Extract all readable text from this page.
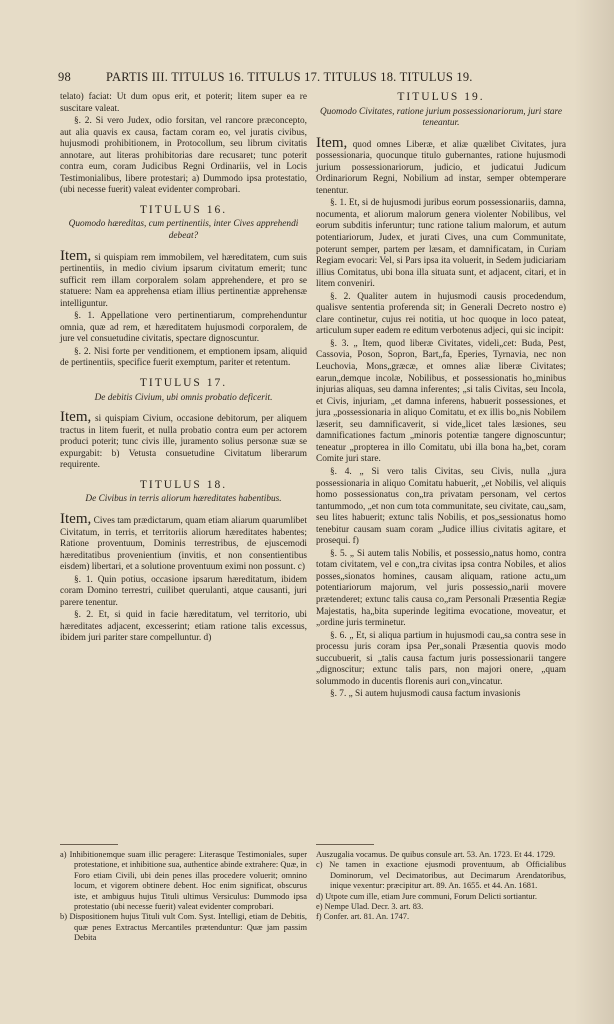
98	PARTIS III. TITULUS 16. TITULUS 17. TITULUS 18. TITULUS 19.

telato) faciat: Ut dum opus erit, et poterit; litem super ea re suscitare valeat.

§. 2. Si vero Judex, odio forsitan, vel rancore præconcepto, aut alia quavis ex causa, factam coram eo, vel juratis civibus, hujusmodi prohibitionem, in Protocollum, seu librum civitatis annotare, aut literas prohibitorias dare recusaret; tunc poterit contra eum, coram Judicibus Regni Ordinariis, vel in Locis Testimonialibus, libere protestari; a) Dummodo ipsa protestatio, (ubi necesse fuerit) valeat evidenter comprobari.

TITULUS 16.
Quomodo hæreditas, cum pertinentiis, inter Cives apprehendi debeat?

Item, si quispiam rem immobilem, vel hæreditatem, cum suis pertinentiis, in medio civium ipsarum civitatum emerit; tunc sufficit rem illam corporalem solam apprehendere, et pro se statuere: Nam ea apprehensa etiam illius pertinentiæ apprehensæ intelliguntur.

§. 1. Appellatione vero pertinentiarum, comprehenduntur omnia, quæ ad rem, et hæreditatem hujusmodi corporalem, de jure vel consuetudine civitatis, spectare dignoscuntur.

§. 2. Nisi forte per venditionem, et emptionem ipsam, aliquid de pertinentiis, specifice fuerit exemptum, pariter et retentum.

TITULUS 17.
De debitis Civium, ubi omnis probatio deficerit.

Item, si quispiam Civium, occasione debitorum, per aliquem tractus in litem fuerit, et nulla probatio contra eum per actorem produci poterit; tunc civis ille, juramento solius personæ suæ se expurgabit: b) Vetusta consuetudine Civitatum liberarum requirente.

TITULUS 18.
De Civibus in terris aliorum hæreditates habentibus.

Item, Cives tam prædictarum, quam etiam aliarum quarumlibet Civitatum, in terris, et territoriis aliorum hæreditates habentes; Ratione proventuum, Dominis terrestribus, de ejuscemodi hæreditatibus provenientium (invitis, et non consentientibus eisdem) libertari, et a solutione proventuum eximi non possunt. c)

§. 1. Quin potius, occasione ipsarum hæreditatum, ibidem coram Domino terrestri, cuilibet querulanti, atque causanti, juri parere tenentur.

§. 2. Et, si quid in facie hæreditatum, vel territorio, ubi hæreditates adjacent, excesserint; etiam ratione talis excessus, ibidem juri pariter stare compelluntur. d)

TITULUS 19.
Quomodo Civitates, ratione jurium possessionariorum, juri stare teneantur.

Item, quod omnes Liberæ, et aliæ quælibet Civitates, jura possessionaria, quocunque titulo gubernantes, ratione hujusmodi jurium possessionariorum, judicio, et judicatui Judicum Ordinariorum Regni, Nobilium ad instar, semper obtemperare tenentur.

§. 1. Et, si de hujusmodi juribus eorum possessionariis, damna, nocumenta, et aliorum malorum genera violenter Nobilibus, vel eorum subditis inferuntur; tunc ratione talium malorum, et autum potentiariorum, Judex, et jurati Cives, una cum Communitate, poterunt semper, partem per læsam, et damnificatam, in Curiam Regiam evocari: Vel, si Pars ipsa ita voluerit, in Sedem judiciariam illius Comitatus, ubi bona illa situata sunt, et adjacent, citari, et in litem conveniri.

§. 2. Qualiter autem in hujusmodi causis procedendum, qualisve sententia proferenda sit; in Generali Decreto nostro e) clare continetur, cujus rei notitia, ut hoc quoque in loco pateat, articulum super eadem re editum verbotenus adjeci, qui sic incipit:

§. 3. „ Item, quod liberæ Civitates, videli„cet: Buda, Pest, Cassovia, Poson, Sopron, Bart„fa, Eperies, Tyrnavia, nec non Leuchovia, Mons„græcæ, et omnes aliæ liberæ Civitates; earun„demque incolæ, Nobilibus, et possessionatis ho„minibus injurias aliquas, seu damna inferentes; „si talis Civitas, seu Incola, et Civis, injuriam, „et damna inferens, habuerit possessiones, et jura „possessionaria in aliquo Comitatu, et ex illis bo„nis Nobilem læserit, seu damnificaverit, si vide„licet tales læsiones, seu damnificationes factum „minoris potentiæ tangere dignoscuntur; teneatur „propterea in illo Comitatu, ubi illa bona ha„bet, coram Comite juri stare.

§. 4. „ Si vero talis Civitas, seu Civis, nulla „jura possessionaria in aliquo Comitatu habuerit, „et Nobilis, vel aliquis homo possessionatus con„tra privatam personam, vel certos tantummodo, „et non cum tota communitate, seu civitate, cau„sam, seu lites habuerit; extunc talis Nobilis, et pos„sessionatus homo tenebitur causam suam coram „Judice illius civitatis agitare, et prosequi. f)

§. 5. „ Si autem talis Nobilis, et possessio„natus homo, contra totam civitatem, vel e con„tra civitas ipsa contra Nobiles, et alios posses„sionatos homines, causam aliquam, ratione actu„um potentiariorum majorum, vel juris possessio„narii movere prætenderet; extunc talis causa co„ram Personali Præsentia Regiæ Majestatis, ha„bita superinde legitima evocatione, moveatur, et „ordine juris terminetur.

§. 6. „ Et, si aliqua partium in hujusmodi cau„sa contra sese in processu juris coram ipsa Per„sonali Præsentia quovis modo succubuerit, si „talis causa factum juris possessionarii tangere „dignoscitur; extunc talis pars, non majori onere, „quam solummodo in ducentis florenis auri con„vincatur.

§. 7. „ Si autem hujusmodi causa factum invasionis

a) Inhibitionemque suam illic peragere: Literasque Testimoniales, super protestatione, et inhibitione sua, authentice abinde extrahere: Quæ, in Foro etiam Civili, ubi dein penes illas procedere voluerit; omnino locum, et vigorem obtinere debent. Hoc enim significat, obscurus iste, et ambiguus hujus Tituli ultimus Versiculus: Dummodo ipsa protestatio (ubi necesse fuerit) valeat evidenter comprobari.

b) Dispositionem hujus Tituli vult Com. Syst. Intelligi, etiam de Debitis, quæ penes Extractus Mercantiles prætenduntur: Quæ jam passim Debita

Auszugalia vocamus. De quibus consule art. 53. An. 1723. Et 44. 1729.

c) Ne tamen in exactione ejusmodi proventuum, ab Officialibus Dominorum, vel Decimatoribus, aut Decimarum Arendatoribus, inique vexentur: præcipitur art. 89. An. 1655. et 44. An. 1681.

d) Utpote cum ille, etiam Jure communi, Forum Delicti sortiantur.

e) Nempe Ulad. Decr. 3. art. 83.

f) Confer. art. 81. An. 1747.
